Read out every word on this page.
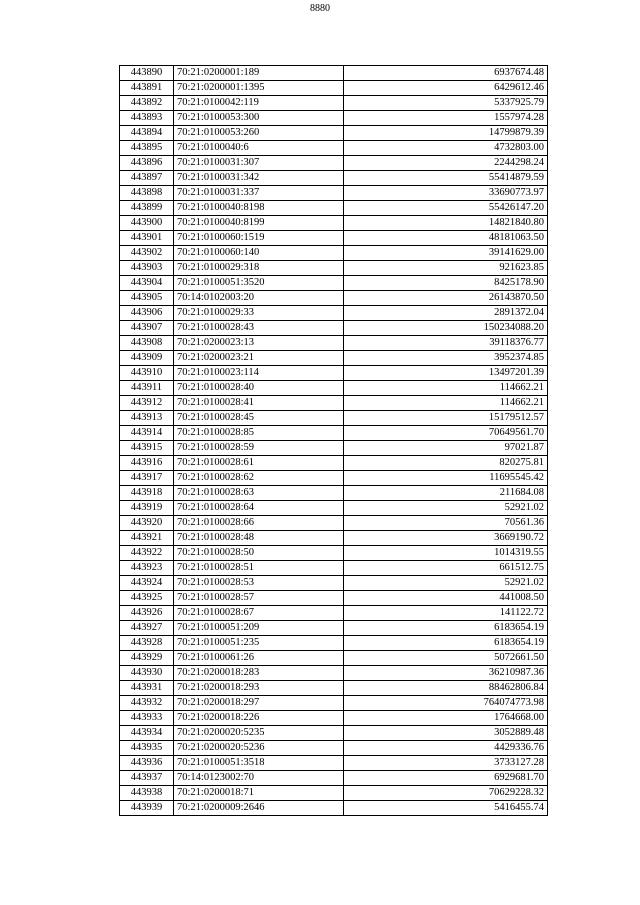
8880
443890	70:21:0200001:189	6937674.48
443891	70:21:0200001:1395	6429612.46
443892	70:21:0100042:119	5337925.79
443893	70:21:0100053:300	1557974.28
443894	70:21:0100053:260	14799879.39
443895	70:21:0100040:6	4732803.00
443896	70:21:0100031:307	2244298.24
443897	70:21:0100031:342	55414879.59
443898	70:21:0100031:337	33690773.97
443899	70:21:0100040:8198	55426147.20
443900	70:21:0100040:8199	14821840.80
443901	70:21:0100060:1519	48181063.50
443902	70:21:0100060:140	39141629.00
443903	70:21:0100029:318	921623.85
443904	70:21:0100051:3520	8425178.90
443905	70:14:0102003:20	26143870.50
443906	70:21:0100029:33	2891372.04
443907	70:21:0100028:43	150234088.20
443908	70:21:0200023:13	39118376.77
443909	70:21:0200023:21	3952374.85
443910	70:21:0100023:114	13497201.39
443911	70:21:0100028:40	114662.21
443912	70:21:0100028:41	114662.21
443913	70:21:0100028:45	15179512.57
443914	70:21:0100028:85	70649561.70
443915	70:21:0100028:59	97021.87
443916	70:21:0100028:61	820275.81
443917	70:21:0100028:62	11695545.42
443918	70:21:0100028:63	211684.08
443919	70:21:0100028:64	52921.02
443920	70:21:0100028:66	70561.36
443921	70:21:0100028:48	3669190.72
443922	70:21:0100028:50	1014319.55
443923	70:21:0100028:51	661512.75
443924	70:21:0100028:53	52921.02
443925	70:21:0100028:57	441008.50
443926	70:21:0100028:67	141122.72
443927	70:21:0100051:209	6183654.19
443928	70:21:0100051:235	6183654.19
443929	70:21:0100061:26	5072661.50
443930	70:21:0200018:283	36210987.36
443931	70:21:0200018:293	88462806.84
443932	70:21:0200018:297	764074773.98
443933	70:21:0200018:226	1764668.00
443934	70:21:0200020:5235	3052889.48
443935	70:21:0200020:5236	4429336.76
443936	70:21:0100051:3518	3733127.28
443937	70:14:0123002:70	6929681.70
443938	70:21:0200018:71	70629228.32
443939	70:21:0200009:2646	5416455.74
